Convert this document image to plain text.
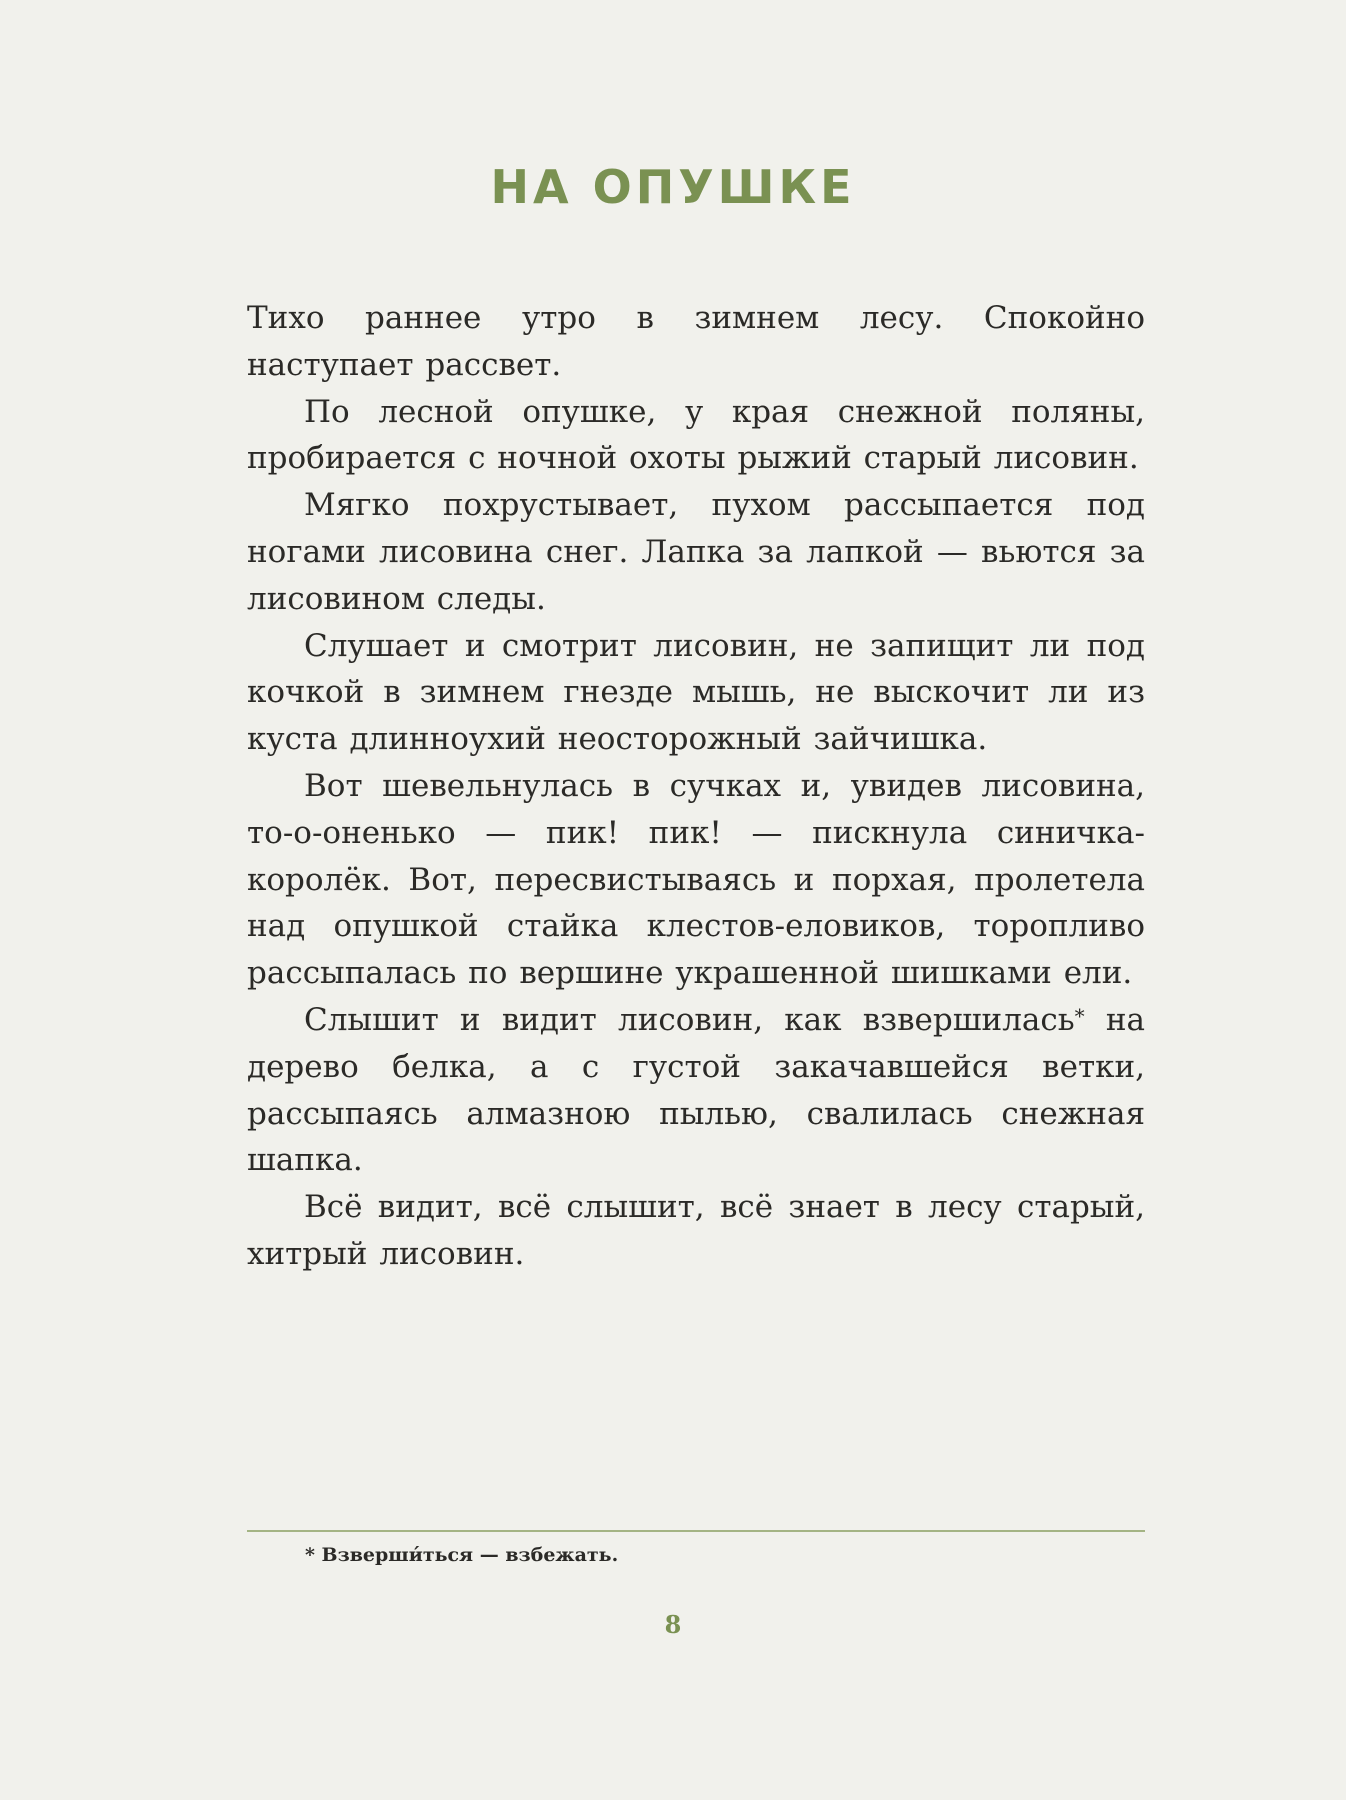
НА ОПУШКЕ

Тихо раннее утро в зимнем лесу. Спокойно наступает рассвет.

По лесной опушке, у края снежной поляны, пробирается с ночной охоты рыжий старый лисовин.

Мягко похрустывает, пухом рассыпается под ногами лисовина снег. Лапка за лапкой — вьются за лисовином следы.

Слушает и смотрит лисовин, не запищит ли под кочкой в зимнем гнезде мышь, не выскочит ли из куста длинноухий неосторожный зайчишка.

Вот шевельнулась в сучках и, увидев лисовина, то-о-оненько — пик! пик! — пискнула синичка-королёк. Вот, пересвистываясь и порхая, пролетела над опушкой стайка клестов-еловиков, торопливо рассыпалась по вершине украшенной шишками ели.

Слышит и видит лисовин, как взвершилась* на дерево белка, а с густой закачавшейся ветки, рассыпаясь алмазною пылью, свалилась снежная шапка.

Всё видит, всё слышит, всё знает в лесу старый, хитрый лисовин.

* Взверши́ться — взбежать.
8
